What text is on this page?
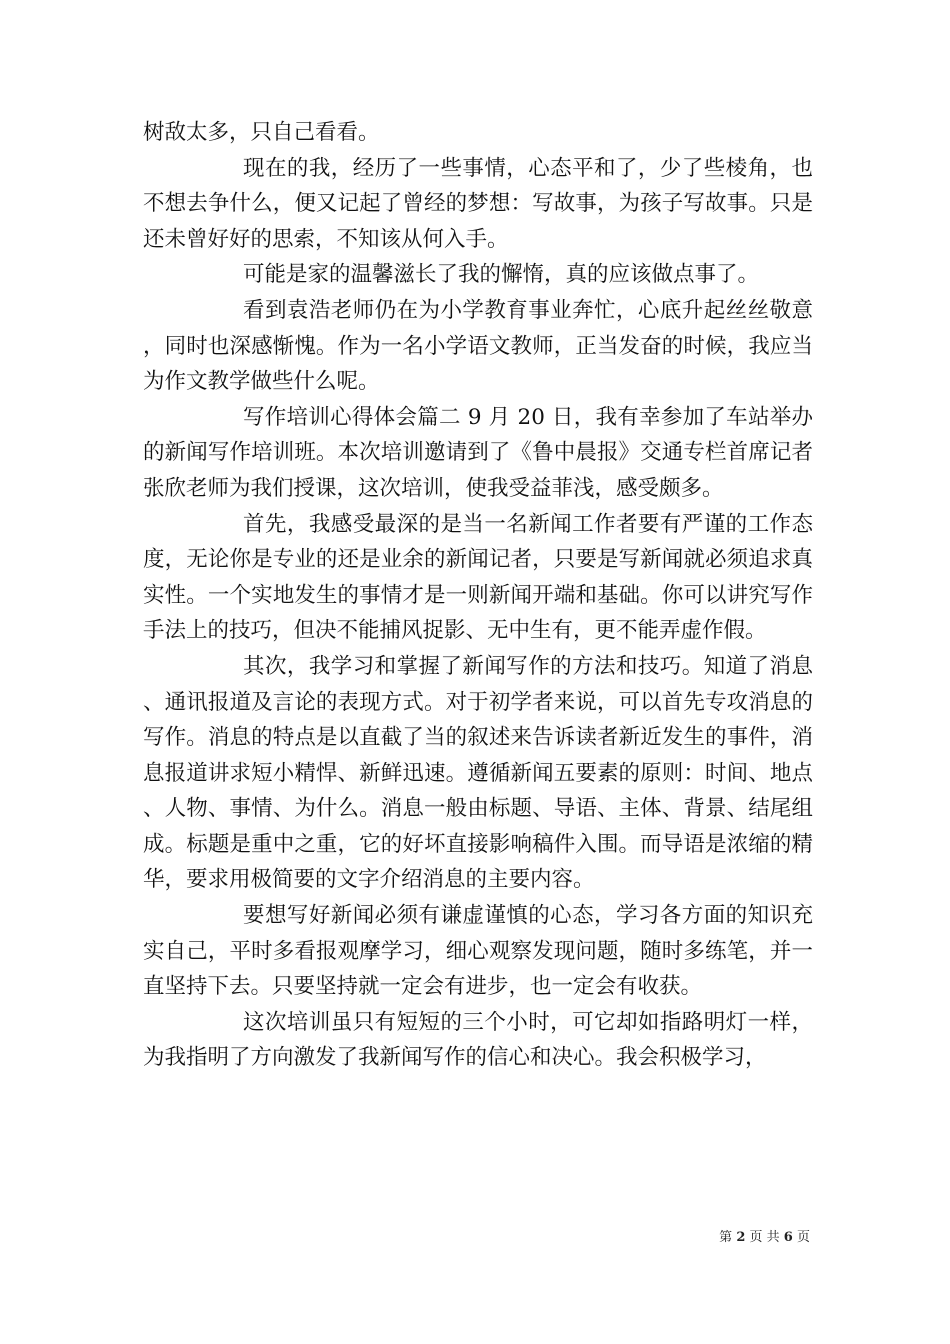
树敌太多，只自己看看。

现在的我，经历了一些事情，心态平和了，少了些棱角，也不想去争什么，便又记起了曾经的梦想：写故事，为孩子写故事。只是还未曾好好的思索，不知该从何入手。

可能是家的温馨滋长了我的懈惰，真的应该做点事了。

看到袁浩老师仍在为小学教育事业奔忙，心底升起丝丝敬意，同时也深感惭愧。作为一名小学语文教师，正当发奋的时候，我应当为作文教学做些什么呢。

写作培训心得体会篇二 9 月 20 日，我有幸参加了车站举办的新闻写作培训班。本次培训邀请到了《鲁中晨报》交通专栏首席记者张欣老师为我们授课，这次培训，使我受益菲浅，感受颇多。

首先，我感受最深的是当一名新闻工作者要有严谨的工作态度，无论你是专业的还是业余的新闻记者，只要是写新闻就必须追求真实性。一个实地发生的事情才是一则新闻开端和基础。你可以讲究写作手法上的技巧，但决不能捕风捉影、无中生有，更不能弄虚作假。

其次，我学习和掌握了新闻写作的方法和技巧。知道了消息、通讯报道及言论的表现方式。对于初学者来说，可以首先专攻消息的写作。消息的特点是以直截了当的叙述来告诉读者新近发生的事件，消息报道讲求短小精悍、新鲜迅速。遵循新闻五要素的原则：时间、地点、人物、事情、为什么。消息一般由标题、导语、主体、背景、结尾组成。标题是重中之重，它的好坏直接影响稿件入围。而导语是浓缩的精华，要求用极简要的文字介绍消息的主要内容。

要想写好新闻必须有谦虚谨慎的心态，学习各方面的知识充实自己，平时多看报观摩学习，细心观察发现问题，随时多练笔，并一直坚持下去。只要坚持就一定会有进步，也一定会有收获。

这次培训虽只有短短的三个小时，可它却如指路明灯一样，为我指明了方向激发了我新闻写作的信心和决心。我会积极学习，

第 2 页 共 6 页
